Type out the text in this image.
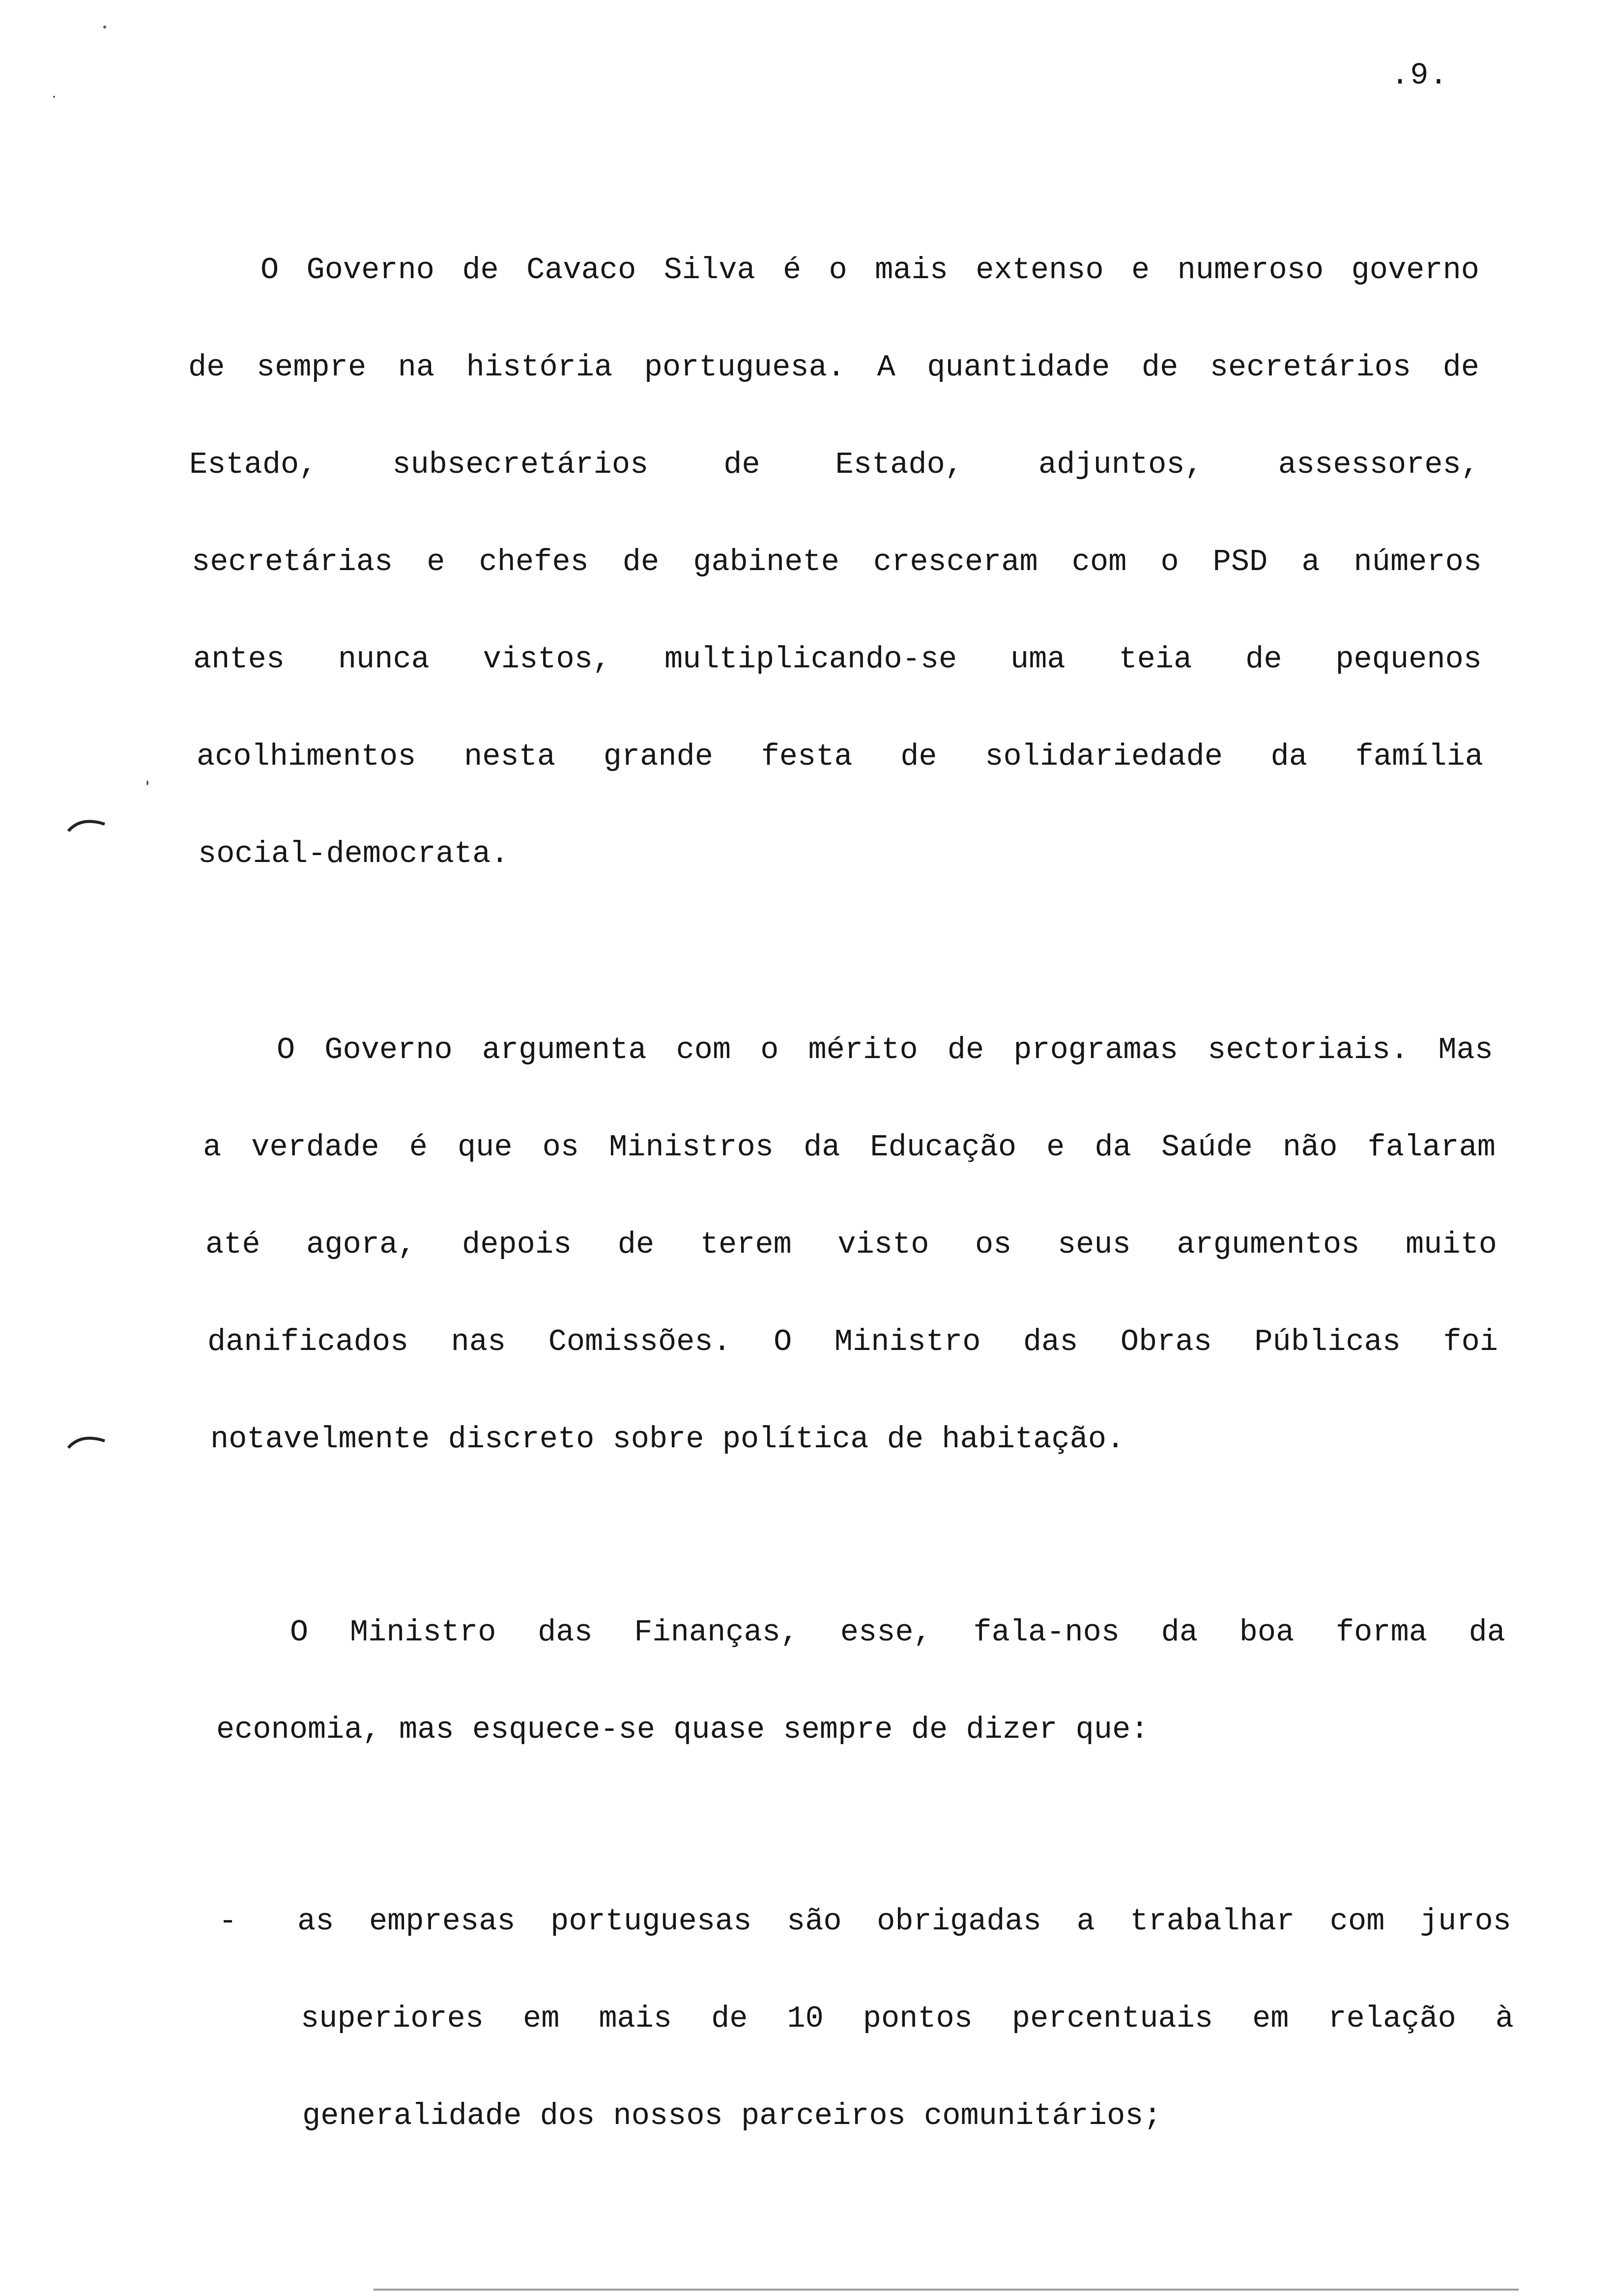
.9.
O Governo de Cavaco Silva é o mais extenso e numeroso governo
de sempre na história portuguesa. A quantidade de secretários de
Estado, subsecretários de Estado, adjuntos, assessores,
secretárias e chefes de gabinete cresceram com o PSD a números
antes nunca vistos, multiplicando-se uma teia de pequenos
acolhimentos nesta grande festa de solidariedade da família
social-democrata.
O Governo argumenta com o mérito de programas sectoriais. Mas
a verdade é que os Ministros da Educação e da Saúde não falaram
até agora, depois de terem visto os seus argumentos muito
danificados nas Comissões. O Ministro das Obras Públicas foi
notavelmente discreto sobre política de habitação.
O Ministro das Finanças, esse, fala-nos da boa forma da
economia, mas esquece-se quase sempre de dizer que:
- as empresas portuguesas são obrigadas a trabalhar com juros
superiores em mais de 10 pontos percentuais em relação à
generalidade dos nossos parceiros comunitários;
